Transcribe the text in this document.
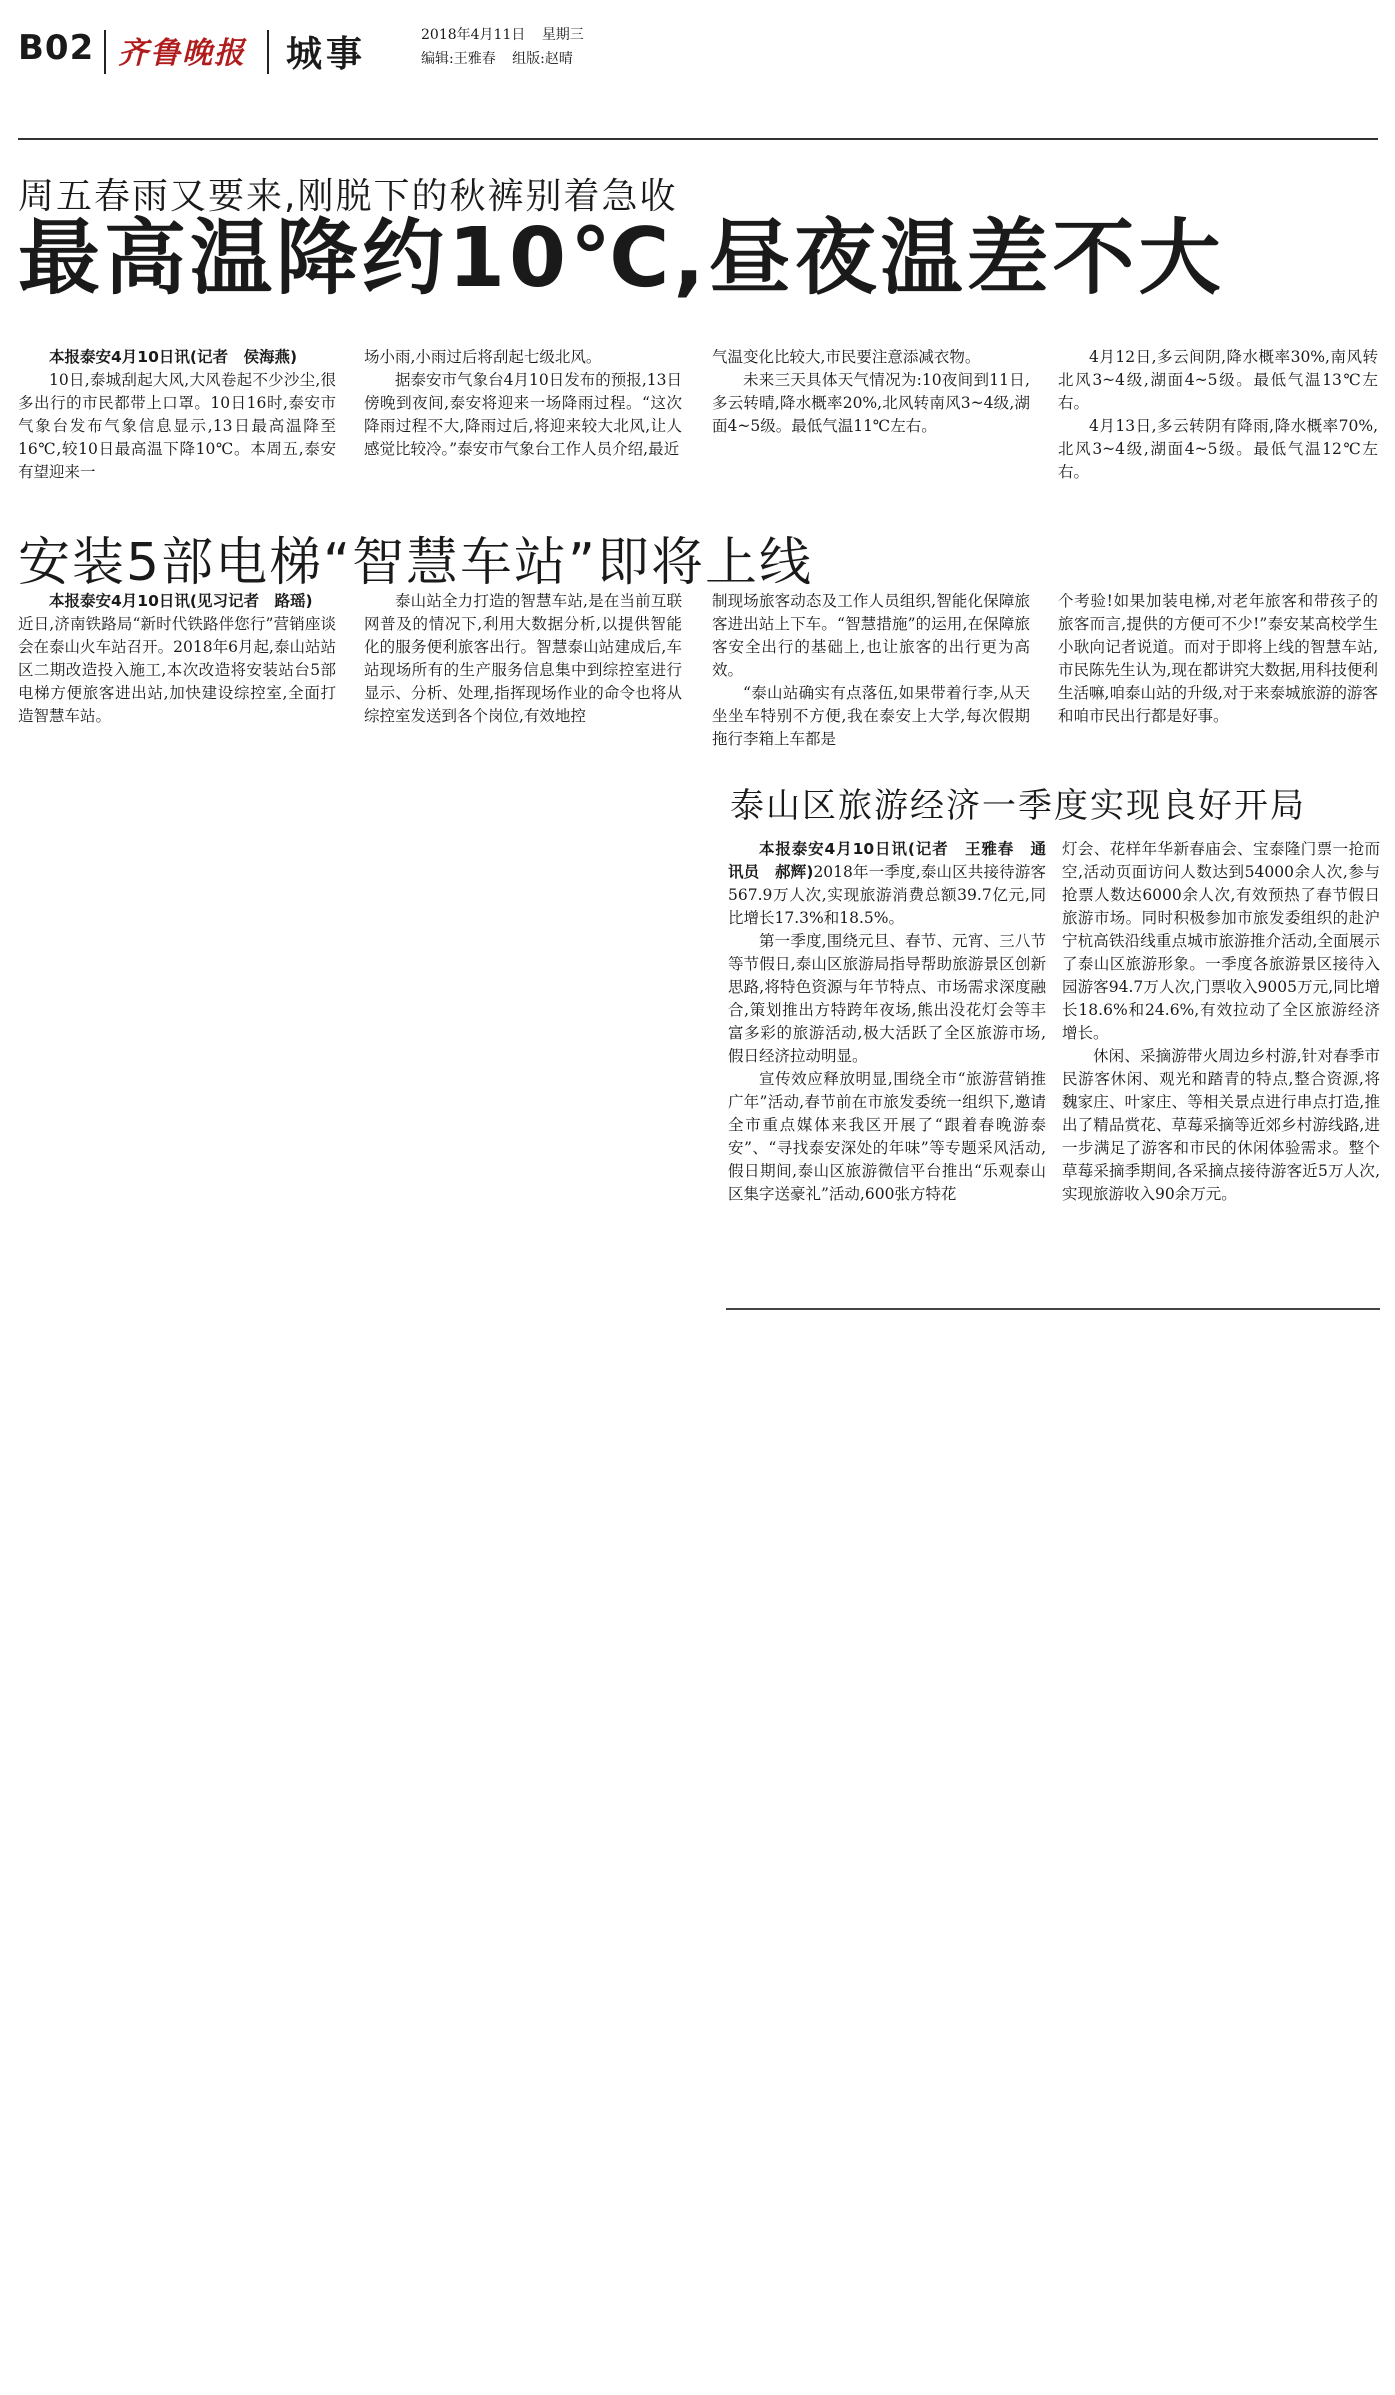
B02 齐鲁晚报 城事	2018年4月11日 星期三
编辑:王雅春 组版:赵晴
周五春雨又要来,刚脱下的秋裤别着急收
最高温降约10℃,昼夜温差不大

本报泰安4月10日讯(记者　侯海燕)

10日,泰城刮起大风,大风卷起不少沙尘,很多出行的市民都带上口罩。10日16时,泰安市气象台发布气象信息显示,13日最高温降至16℃,较10日最高温下降10℃。本周五,泰安有望迎来一

场小雨,小雨过后将刮起七级北风。

据泰安市气象台4月10日发布的预报,13日傍晚到夜间,泰安将迎来一场降雨过程。“这次降雨过程不大,降雨过后,将迎来较大北风,让人感觉比较冷。”泰安市气象台工作人员介绍,最近

气温变化比较大,市民要注意添减衣物。

未来三天具体天气情况为:10夜间到11日,多云转晴,降水概率20%,北风转南风3~4级,湖面4~5级。最低气温11℃左右。

4月12日,多云间阴,降水概率30%,南风转北风3~4级,湖面4~5级。最低气温13℃左右。

4月13日,多云转阴有降雨,降水概率70%,北风3~4级,湖面4~5级。最低气温12℃左右。

安装5部电梯“智慧车站”即将上线

本报泰安4月10日讯(见习记者　路瑶)

近日,济南铁路局“新时代铁路伴您行”营销座谈会在泰山火车站召开。2018年6月起,泰山站站区二期改造投入施工,本次改造将安装站台5部电梯方便旅客进出站,加快建设综控室,全面打造智慧车站。

泰山站全力打造的智慧车站,是在当前互联网普及的情况下,利用大数据分析,以提供智能化的服务便利旅客出行。智慧泰山站建成后,车站现场所有的生产服务信息集中到综控室进行显示、分析、处理,指挥现场作业的命令也将从综控室发送到各个岗位,有效地控

制现场旅客动态及工作人员组织,智能化保障旅客进出站上下车。“智慧措施”的运用,在保障旅客安全出行的基础上,也让旅客的出行更为高效。

“泰山站确实有点落伍,如果带着行李,从天坐坐车特别不方便,我在泰安上大学,每次假期拖行李箱上车都是

个考验!如果加装电梯,对老年旅客和带孩子的旅客而言,提供的方便可不少!”泰安某高校学生小耿向记者说道。而对于即将上线的智慧车站,市民陈先生认为,现在都讲究大数据,用科技便利生活嘛,咱泰山站的升级,对于来泰城旅游的游客和咱市民出行都是好事。

泰山区旅游经济一季度实现良好开局

本报泰安4月10日讯(记者　王雅春　通讯员　郝辉)2018年一季度,泰山区共接待游客567.9万人次,实现旅游消费总额39.7亿元,同比增长17.3%和18.5%。

第一季度,围绕元旦、春节、元宵、三八节等节假日,泰山区旅游局指导帮助旅游景区创新思路,将特色资源与年节特点、市场需求深度融合,策划推出方特跨年夜场,熊出没花灯会等丰富多彩的旅游活动,极大活跃了全区旅游市场,假日经济拉动明显。

宣传效应释放明显,围绕全市“旅游营销推广年”活动,春节前在市旅发委统一组织下,邀请全市重点媒体来我区开展了“跟着春晚游泰安”、“寻找泰安深处的年味”等专题采风活动,假日期间,泰山区旅游微信平台推出“乐观泰山区集字送豪礼”活动,600张方特花

灯会、花样年华新春庙会、宝泰隆门票一抢而空,活动页面访问人数达到54000余人次,参与抢票人数达6000余人次,有效预热了春节假日旅游市场。同时积极参加市旅发委组织的赴沪宁杭高铁沿线重点城市旅游推介活动,全面展示了泰山区旅游形象。一季度各旅游景区接待入园游客94.7万人次,门票收入9005万元,同比增长18.6%和24.6%,有效拉动了全区旅游经济增长。

休闲、采摘游带火周边乡村游,针对春季市民游客休闲、观光和踏青的特点,整合资源,将魏家庄、叶家庄、等相关景点进行串点打造,推出了精品赏花、草莓采摘等近郊乡村游线路,进一步满足了游客和市民的休闲体验需求。整个草莓采摘季期间,各采摘点接待游客近5万人次,实现旅游收入90余万元。
